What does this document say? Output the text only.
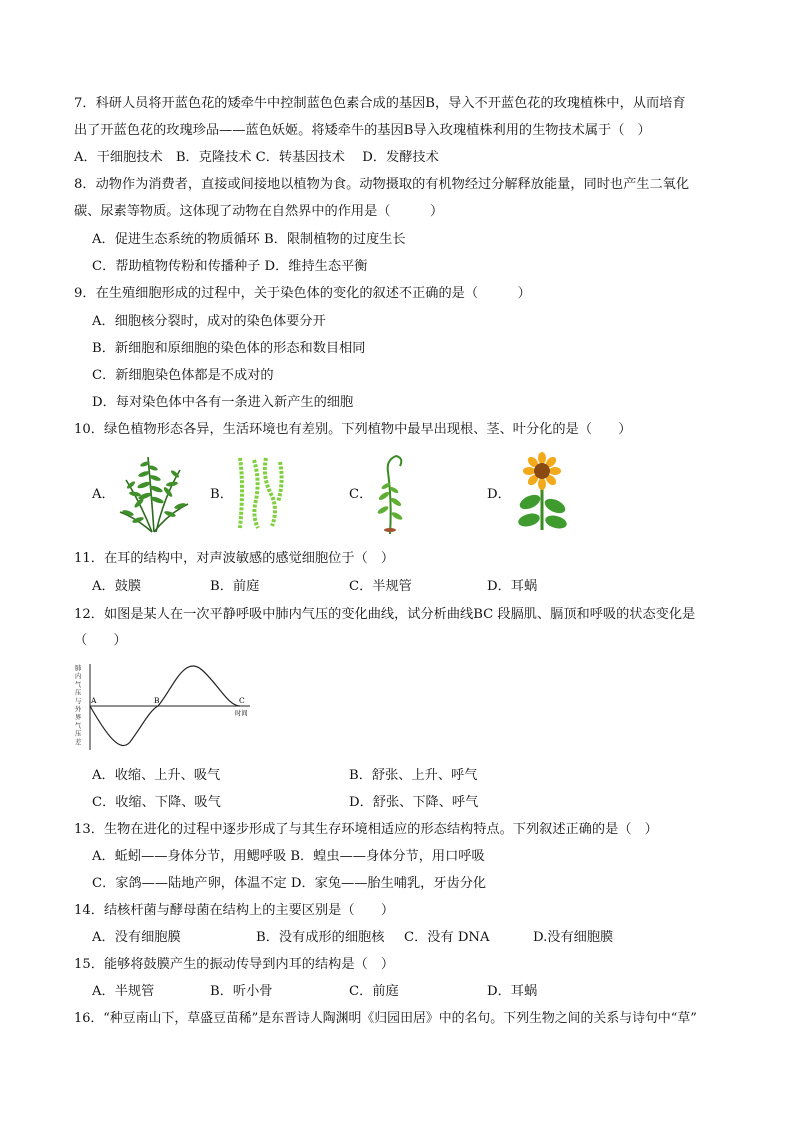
7．科研人员将开蓝色花的矮牵牛中控制蓝色色素合成的基因B，导入不开蓝色花的玫瑰植株中，从而培育
出了开蓝色花的玫瑰珍品——蓝色妖姬。将矮牵牛的基因B导入玫瑰植株利用的生物技术属于（　）
A．干细胞技术　B．克隆技术 C．转基因技术　 D．发酵技术
8．动物作为消费者，直接或间接地以植物为食。动物摄取的有机物经过分解释放能量，同时也产生二氧化
碳、尿素等物质。这体现了动物在自然界中的作用是（　　　）
A．促进生态系统的物质循环 B．限制植物的过度生长
C．帮助植物传粉和传播种子 D．维持生态平衡
9．在生殖细胞形成的过程中，关于染色体的变化的叙述不正确的是（　　　）
A．细胞核分裂时，成对的染色体要分开
B．新细胞和原细胞的染色体的形态和数目相同
C．新细胞染色体都是不成对的
D．每对染色体中各有一条进入新产生的细胞
10．绿色植物形态各异，生活环境也有差别。下列植物中最早出现根、茎、叶分化的是（　　）
A．	B．	C．	D．
11．在耳的结构中，对声波敏感的感觉细胞位于（　）
A．鼓膜	B．前庭	C．半规管	D．耳蜗
12．如图是某人在一次平静呼吸中肺内气压的变化曲线，试分析曲线BC 段膈肌、膈顶和呼吸的状态变化是
（　　）
肺
内
气
压
与
外
界
气
压
差
A	B	C
时间
A．收缩、上升、吸气	B．舒张、上升、呼气
C．收缩、下降、吸气	D．舒张、下降、呼气
13．生物在进化的过程中逐步形成了与其生存环境相适应的形态结构特点。下列叙述正确的是（　）
A．蚯蚓——身体分节，用鳃呼吸 B．蝗虫——身体分节，用口呼吸
C．家鸽——陆地产卵，体温不定 D．家兔——胎生哺乳，牙齿分化
14．结核杆菌与酵母菌在结构上的主要区别是（　　）
A．没有细胞膜	B．没有成形的细胞核 C．没有 DNA	D.没有细胞膜
15．能够将鼓膜产生的振动传导到内耳的结构是（　）
A．半规管	B．听小骨	C．前庭	D．耳蜗
16．“种豆南山下，草盛豆苗稀”是东晋诗人陶渊明《归园田居》中的名句。下列生物之间的关系与诗句中“草”
